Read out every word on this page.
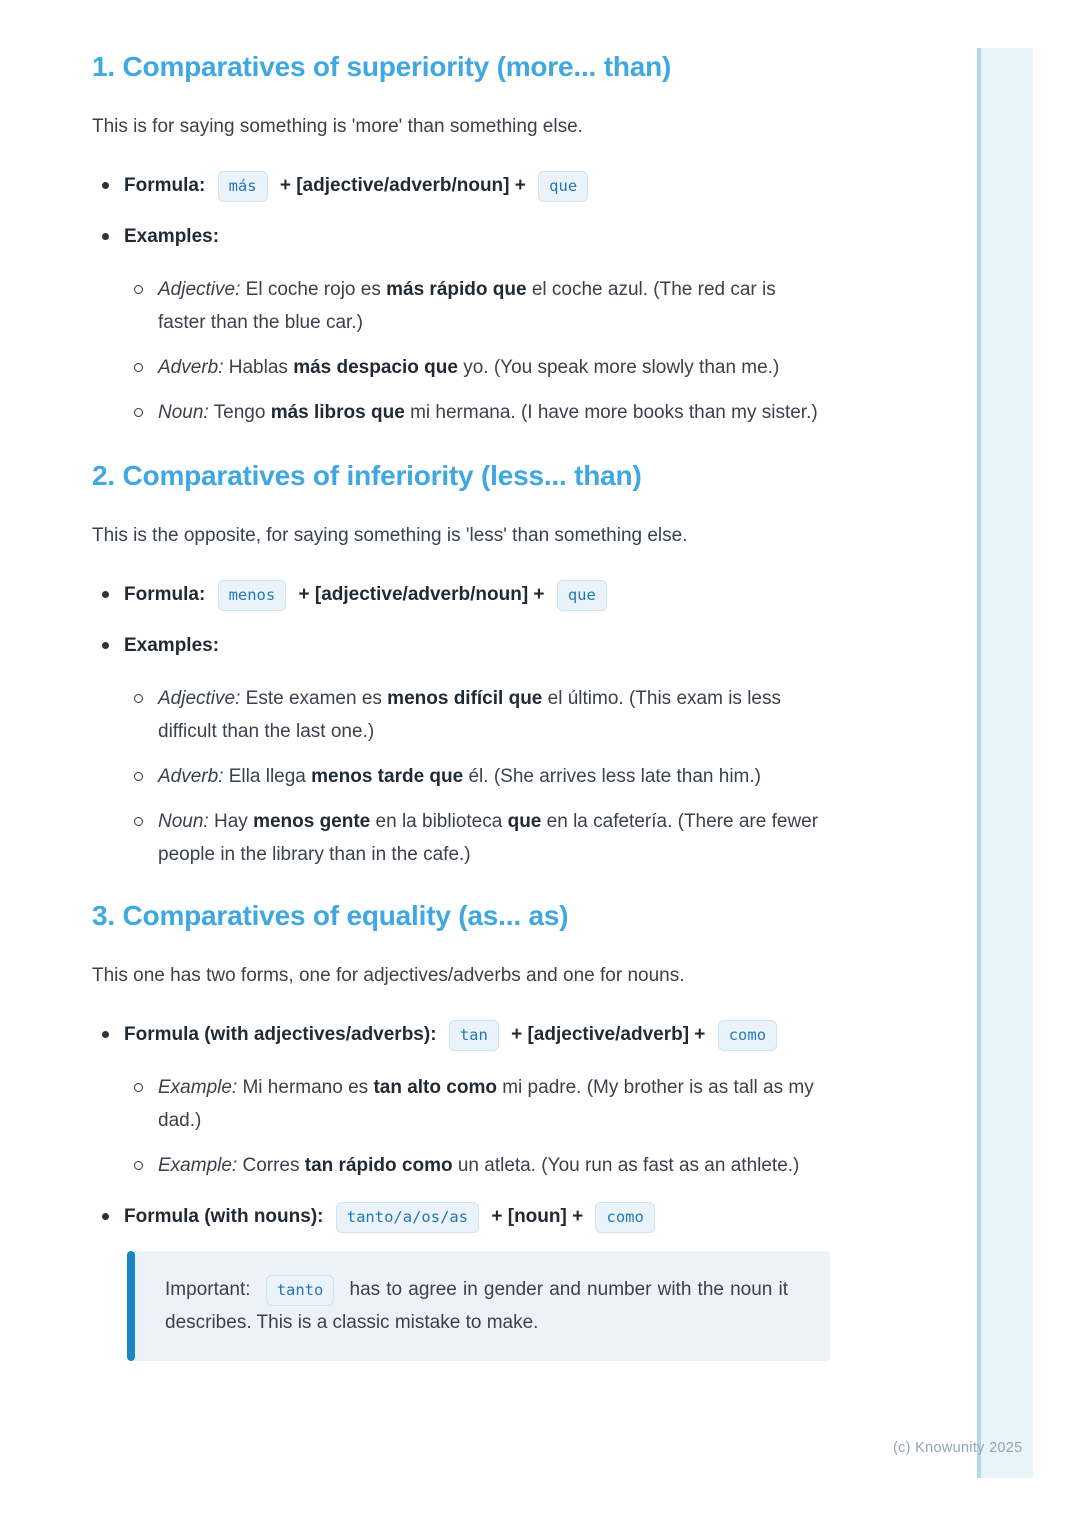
(c) Knowunity 2025
1. Comparatives of superiority (more... than)

This is for saying something is 'more' than something else.

Formula: más + [adjective/adverb/noun] + que
Examples:
Adjective: El coche rojo es más rápido que el coche azul. (The red car is faster than the blue car.)
Adverb: Hablas más despacio que yo. (You speak more slowly than me.)
Noun: Tengo más libros que mi hermana. (I have more books than my sister.)
2. Comparatives of inferiority (less... than)

This is the opposite, for saying something is 'less' than something else.

Formula: menos + [adjective/adverb/noun] + que
Examples:
Adjective: Este examen es menos difícil que el último. (This exam is less difficult than the last one.)
Adverb: Ella llega menos tarde que él. (She arrives less late than him.)
Noun: Hay menos gente en la biblioteca que en la cafetería. (There are fewer people in the library than in the cafe.)
3. Comparatives of equality (as... as)

This one has two forms, one for adjectives/adverbs and one for nouns.

Formula (with adjectives/adverbs): tan + [adjective/adverb] + como
Example: Mi hermano es tan alto como mi padre. (My brother is as tall as my dad.)
Example: Corres tan rápido como un atleta. (You run as fast as an athlete.)
Formula (with nouns): tanto/a/os/as + [noun] + como
Important: tanto has to agree in gender and number with the noun it describes. This is a classic mistake to make.
